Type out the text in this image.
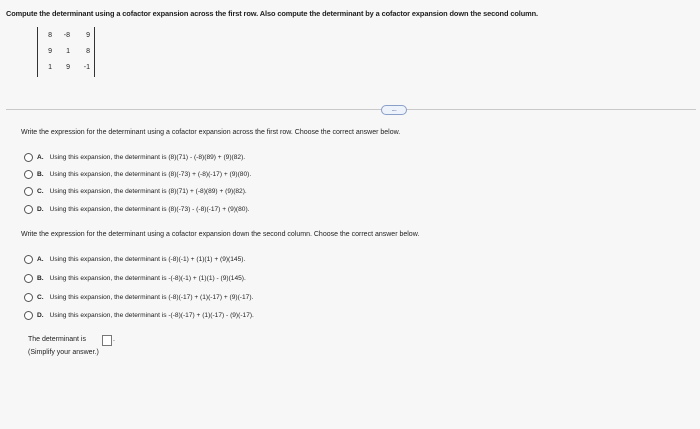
Compute the determinant using a cofactor expansion across the first row. Also compute the determinant by a cofactor expansion down the second column.
8	-8	9
9	1	8
1	9	-1
....
Write the expression for the determinant using a cofactor expansion across the first row. Choose the correct answer below.
A. Using this expansion, the determinant is (8)(71) - (-8)(89) + (9)(82).
B. Using this expansion, the determinant is (8)(-73) + (-8)(-17) + (9)(80).
C. Using this expansion, the determinant is (8)(71) + (-8)(89) + (9)(82).
D. Using this expansion, the determinant is (8)(-73) - (-8)(-17) + (9)(80).
Write the expression for the determinant using a cofactor expansion down the second column. Choose the correct answer below.
A. Using this expansion, the determinant is (-8)(-1) + (1)(1) + (9)(145).
B. Using this expansion, the determinant is -(-8)(-1) + (1)(1) - (9)(145).
C. Using this expansion, the determinant is (-8)(-17) + (1)(-17) + (9)(-17).
D. Using this expansion, the determinant is -(-8)(-17) + (1)(-17) - (9)(-17).
The determinant is	.
(Simplify your answer.)
